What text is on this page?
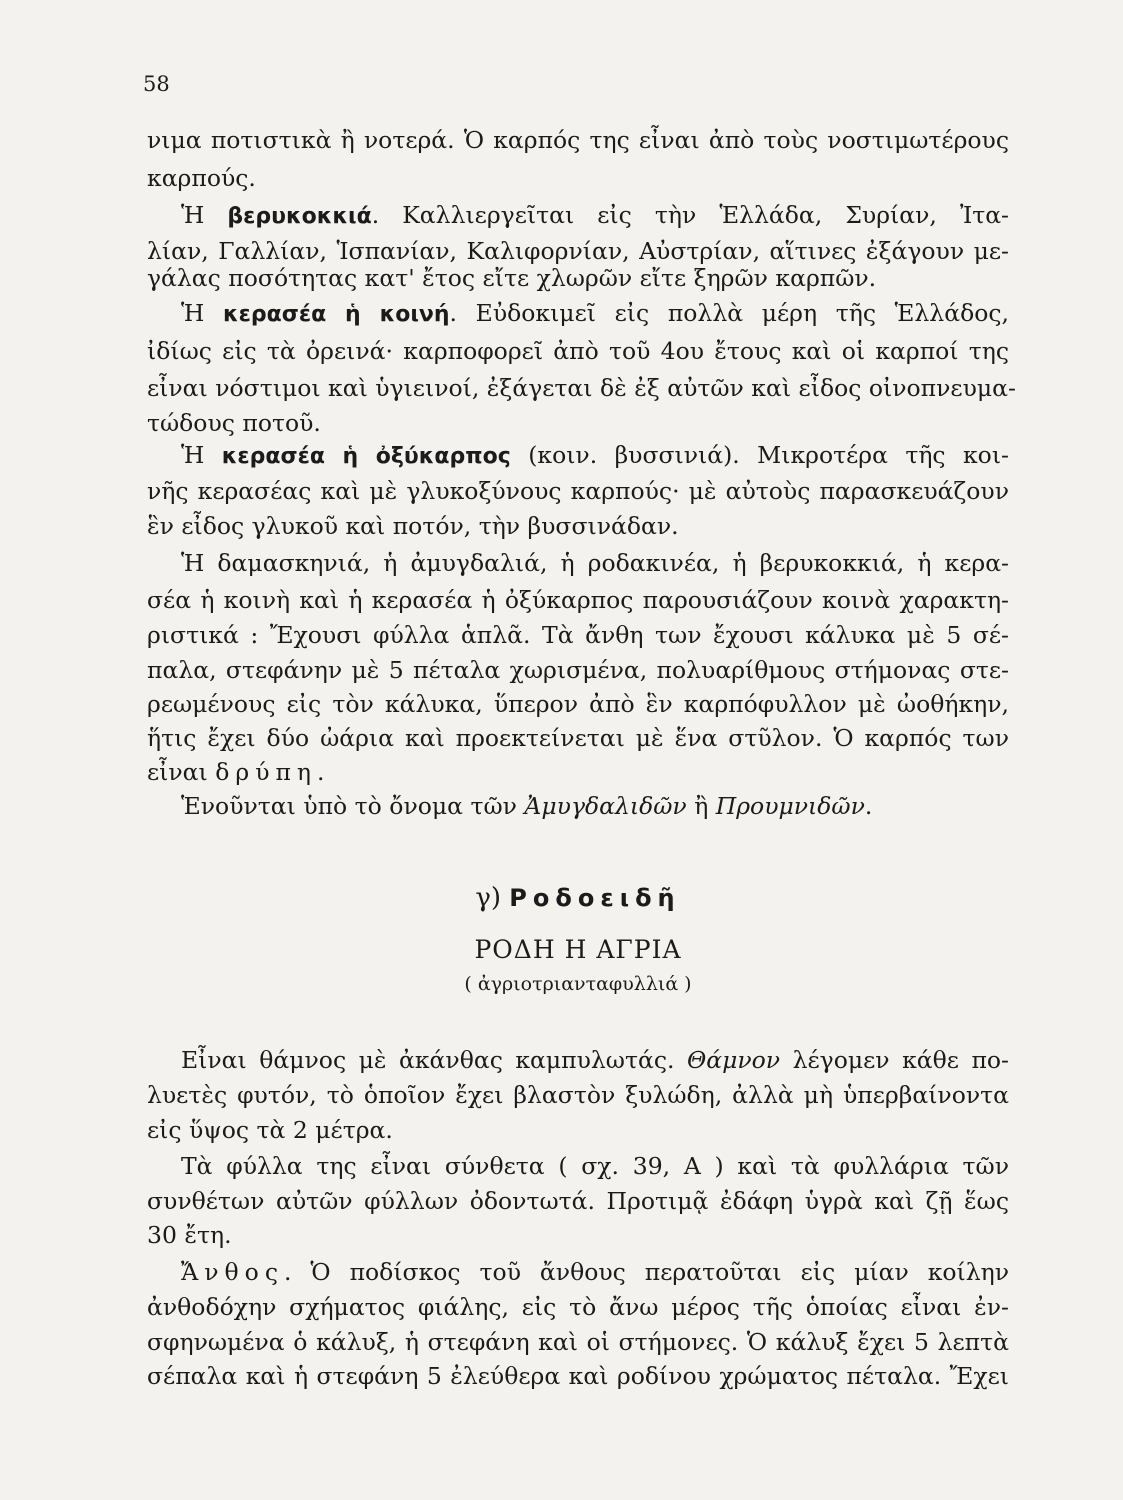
58
νιμα ποτιστικὰ ἢ νοτερά. Ὁ καρπός της εἶναι ἀπὸ τοὺς νοστιμωτέρους
καρπούς.
Ἡ βερυκοκκιά. Καλλιεργεῖται εἰς τὴν Ἑλλάδα, Συρίαν, Ἰτα-
λίαν, Γαλλίαν, Ἱσπανίαν, Καλιφορνίαν, Αὐστρίαν, αἵτινες ἐξάγουν με-
γάλας ποσότητας κατ' ἔτος εἴτε χλωρῶν εἴτε ξηρῶν καρπῶν.
Ἡ κερασέα ἡ κοινή. Εὐδοκιμεῖ εἰς πολλὰ μέρη τῆς Ἑλλάδος,
ἰδίως εἰς τὰ ὀρεινά· καρποφορεῖ ἀπὸ τοῦ 4ου ἔτους καὶ οἱ καρποί της
εἶναι νόστιμοι καὶ ὑγιεινοί, ἐξάγεται δὲ ἐξ αὐτῶν καὶ εἶδος οἰνοπνευμα-
τώδους ποτοῦ.
Ἡ κερασέα ἡ ὀξύκαρπος (κοιν. βυσσινιά). Μικροτέρα τῆς κοι-
νῆς κερασέας καὶ μὲ γλυκοξύνους καρπούς· μὲ αὐτοὺς παρασκευάζουν
ἓν εἶδος γλυκοῦ καὶ ποτόν, τὴν βυσσινάδαν.
Ἡ δαμασκηνιά, ἡ ἀμυγδαλιά, ἡ ροδακινέα, ἡ βερυκοκκιά, ἡ κερα-
σέα ἡ κοινὴ καὶ ἡ κερασέα ἡ ὀξύκαρπος παρουσιάζουν κοινὰ χαρακτη-
ριστικά : Ἔχουσι φύλλα ἁπλᾶ. Τὰ ἄνθη των ἔχουσι κάλυκα μὲ 5 σέ-
παλα, στεφάνην μὲ 5 πέταλα χωρισμένα, πολυαρίθμους στήμονας στε-
ρεωμένους εἰς τὸν κάλυκα, ὕπερον ἀπὸ ἓν καρπόφυλλον μὲ ὠοθήκην,
ἥτις ἔχει δύο ὠάρια καὶ προεκτείνεται μὲ ἕνα στῦλον. Ὁ καρπός των
εἶναι δρύπη.
Ἑνοῦνται ὑπὸ τὸ ὄνομα τῶν Ἀμυγδαλιδῶν ἢ Προυμνιδῶν.
γ) Ροδοειδῆ
ΡΟΔΗ Η ΑΓΡΙΑ
( ἀγριοτριανταφυλλιά )
Εἶναι θάμνος μὲ ἀκάνθας καμπυλωτάς. Θάμνον λέγομεν κάθε πο-
λυετὲς φυτόν, τὸ ὁποῖον ἔχει βλαστὸν ξυλώδη, ἀλλὰ μὴ ὑπερβαίνοντα
εἰς ὕψος τὰ 2 μέτρα.
Τὰ φύλλα της εἶναι σύνθετα ( σχ. 39, Α ) καὶ τὰ φυλλάρια τῶν
συνθέτων αὐτῶν φύλλων ὀδοντωτά. Προτιμᾷ ἐδάφη ὑγρὰ καὶ ζῇ ἕως
30 ἔτη.
Ἄνθος. Ὁ ποδίσκος τοῦ ἄνθους περατοῦται εἰς μίαν κοίλην
ἀνθοδόχην σχήματος φιάλης, εἰς τὸ ἄνω μέρος τῆς ὁποίας εἶναι ἐν-
σφηνωμένα ὁ κάλυξ, ἡ στεφάνη καὶ οἱ στήμονες. Ὁ κάλυξ ἔχει 5 λεπτὰ
σέπαλα καὶ ἡ στεφάνη 5 ἐλεύθερα καὶ ροδίνου χρώματος πέταλα. Ἔχει
